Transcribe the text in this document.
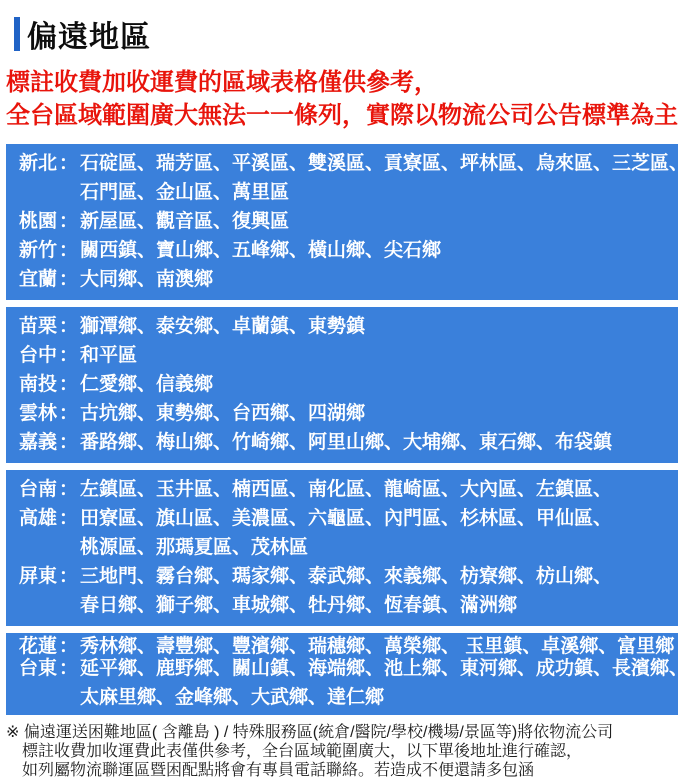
偏遠地區
標註收費加收運費的區域表格僅供參考，
全台區域範圍廣大無法一一條列，實際以物流公司公告標準為主
新北 ： 石碇區、瑞芳區、平溪區、雙溪區、貢寮區、坪林區、烏來區、三芝區、
石門區、金山區、萬里區
桃園 ： 新屋區、觀音區、復興區
新竹 ： 關西鎮、寶山鄉、五峰鄉、橫山鄉、尖石鄉
宜蘭 ： 大同鄉、南澳鄉
苗栗 ： 獅潭鄉、泰安鄉、卓蘭鎮、東勢鎮
台中 ： 和平區
南投 ： 仁愛鄉、信義鄉
雲林 ： 古坑鄉、東勢鄉、台西鄉、四湖鄉
嘉義 ： 番路鄉、梅山鄉、竹崎鄉、阿里山鄉、大埔鄉、東石鄉、布袋鎮
台南 ： 左鎮區、玉井區、楠西區、南化區、龍崎區、大內區、左鎮區、
高雄 ： 田寮區、旗山區、美濃區、六龜區、內門區、杉林區、甲仙區、
桃源區、那瑪夏區、茂林區
屏東 ： 三地門、霧台鄉、瑪家鄉、泰武鄉、來義鄉、枋寮鄉、枋山鄉、
春日鄉、獅子鄉、車城鄉、牡丹鄉、恆春鎮、滿洲鄉
花蓮 ： 秀林鄉、壽豐鄉、豐濱鄉、瑞穗鄉、萬榮鄉、 玉里鎮、卓溪鄉、富里鄉
台東 ： 延平鄉、鹿野鄉、關山鎮、海端鄉、池上鄉、東河鄉、成功鎮、長濱鄉、
太麻里鄉、金峰鄉、大武鄉、達仁鄉
※ 偏遠運送困難地區( 含離島 ) / 特殊服務區(統倉/醫院/學校/機場/景區等)將依物流公司
標註收費加收運費此表僅供參考，全台區域範圍廣大，以下單後地址進行確認，
如列屬物流聯運區暨困配點將會有專員電話聯絡。若造成不便還請多包涵
